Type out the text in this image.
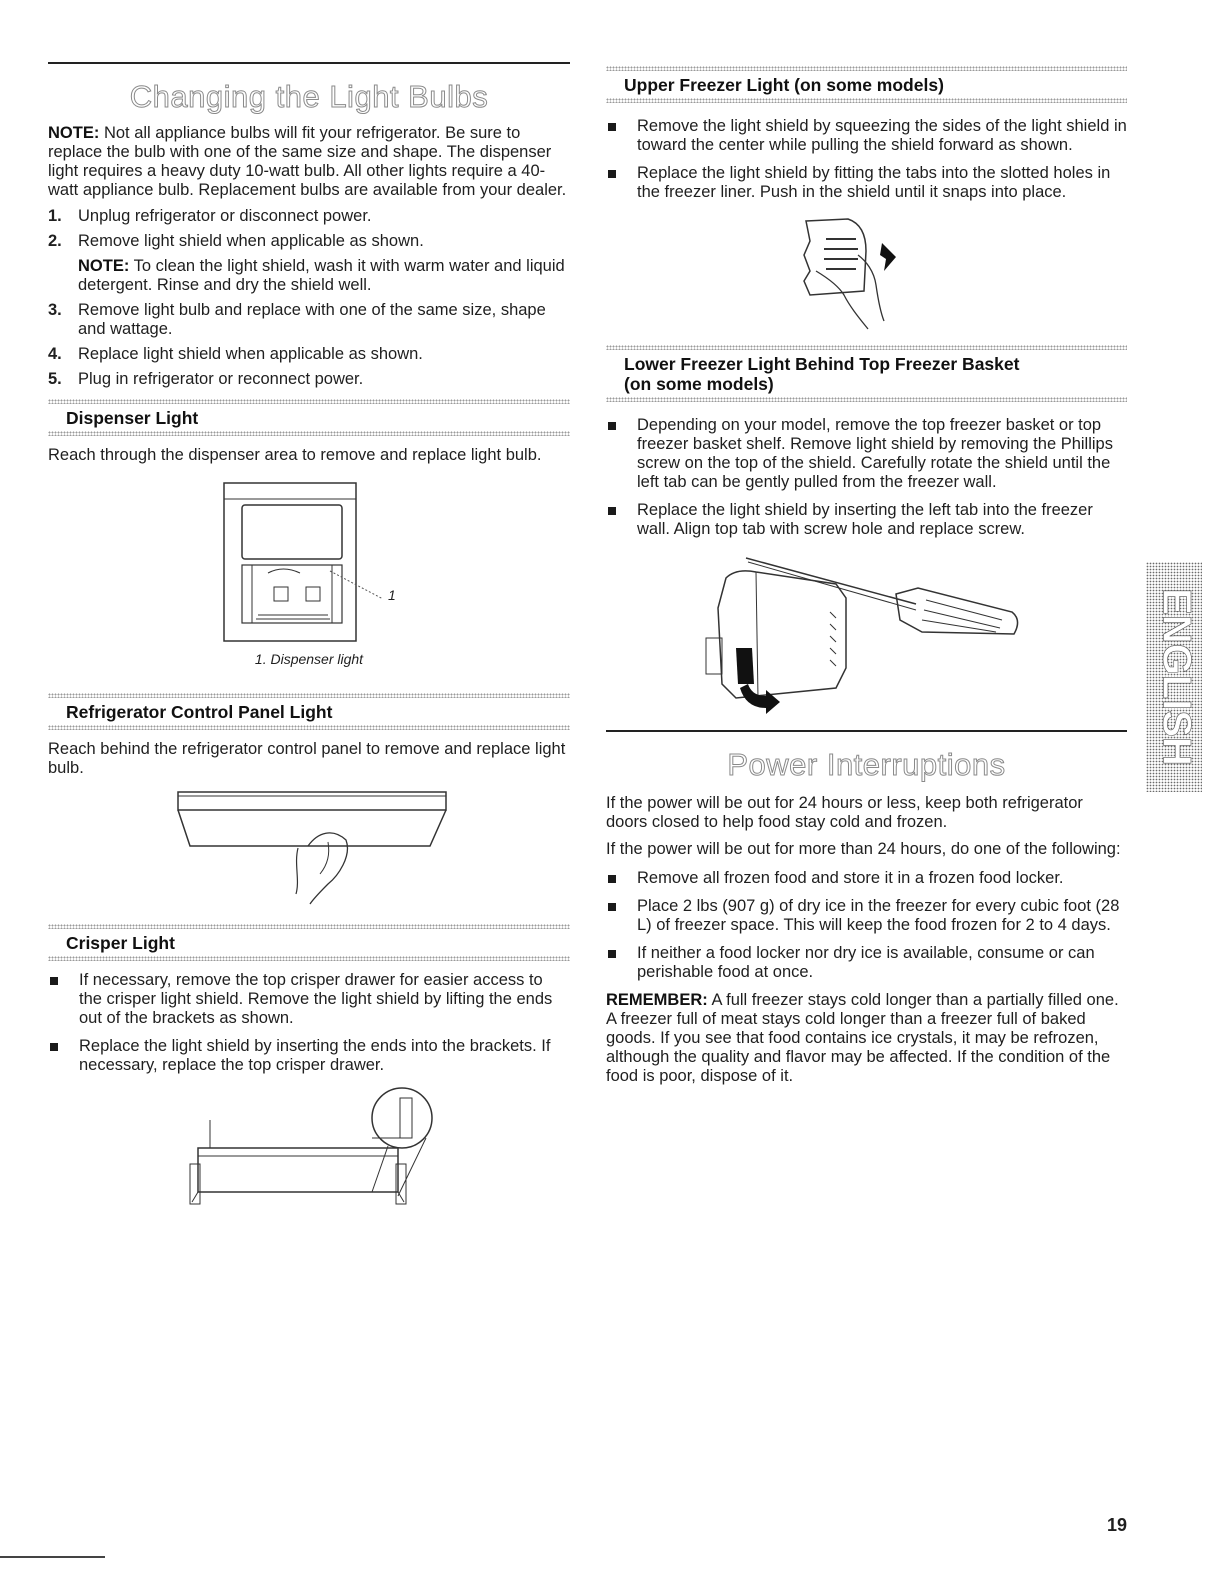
Changing the Light Bulbs

NOTE: Not all appliance bulbs will fit your refrigerator. Be sure to replace the bulb with one of the same size and shape. The dispenser light requires a heavy duty 10-watt bulb. All other lights require a 40-watt appliance bulb. Replacement bulbs are available from your dealer.

1. Unplug refrigerator or disconnect power.
2. Remove light shield when applicable as shown.
NOTE: To clean the light shield, wash it with warm water and liquid detergent. Rinse and dry the shield well.
3. Remove light bulb and replace with one of the same size, shape and wattage.
4. Replace light shield when applicable as shown.
5. Plug in refrigerator or reconnect power.
Dispenser Light

Reach through the dispenser area to remove and replace light bulb.

1
1. Dispenser light
Refrigerator Control Panel Light

Reach behind the refrigerator control panel to remove and replace light bulb.

Crisper Light
If necessary, remove the top crisper drawer for easier access to the crisper light shield. Remove the light shield by lifting the ends out of the brackets as shown.
Replace the light shield by inserting the ends into the brackets. If necessary, replace the top crisper drawer.
Upper Freezer Light (on some models)
Remove the light shield by squeezing the sides of the light shield in toward the center while pulling the shield forward as shown.
Replace the light shield by fitting the tabs into the slotted holes in the freezer liner. Push in the shield until it snaps into place.
Lower Freezer Light Behind Top Freezer Basket
(on some models)
Depending on your model, remove the top freezer basket or top freezer basket shelf. Remove light shield by removing the Phillips screw on the top of the shield. Carefully rotate the shield until the left tab can be gently pulled from the freezer wall.
Replace the light shield by inserting the left tab into the freezer wall. Align top tab with screw hole and replace screw.
Power Interruptions

If the power will be out for 24 hours or less, keep both refrigerator doors closed to help food stay cold and frozen.

If the power will be out for more than 24 hours, do one of the following:

Remove all frozen food and store it in a frozen food locker.
Place 2 lbs (907 g) of dry ice in the freezer for every cubic foot (28 L) of freezer space. This will keep the food frozen for 2 to 4 days.
If neither a food locker nor dry ice is available, consume or can perishable food at once.

REMEMBER: A full freezer stays cold longer than a partially filled one. A freezer full of meat stays cold longer than a freezer full of baked goods. If you see that food contains ice crystals, it may be refrozen, although the quality and flavor may be affected. If the condition of the food is poor, dispose of it.

ENGLISH
19
